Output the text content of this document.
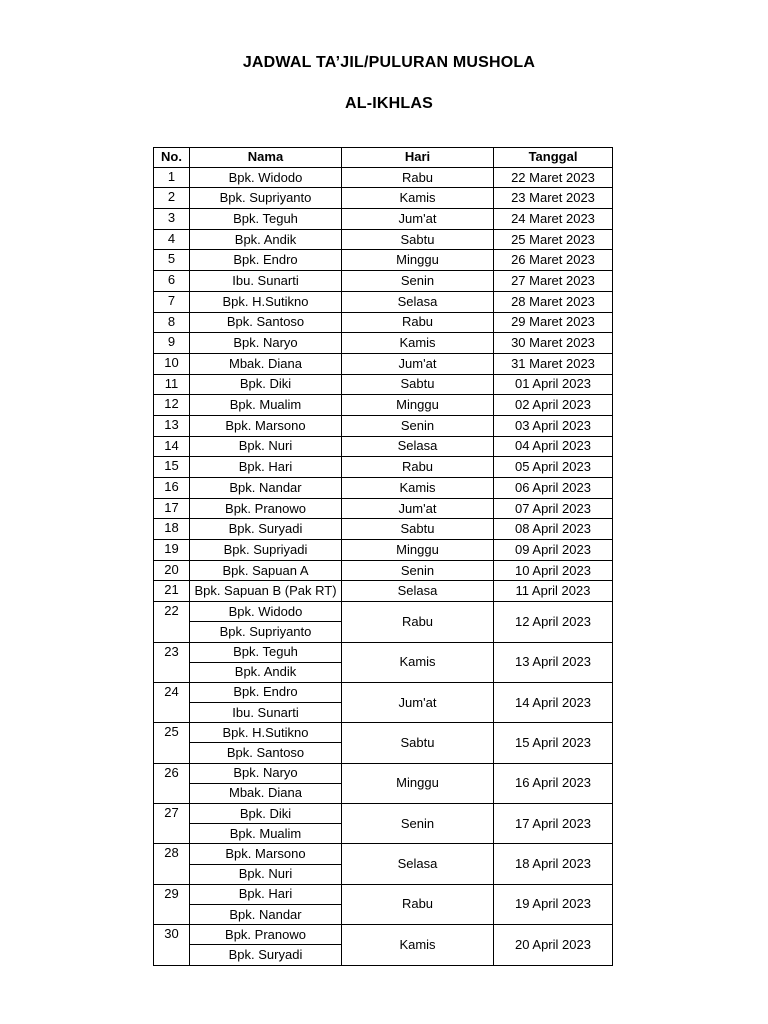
JADWAL TA’JIL/PULURAN MUSHOLA
AL-IKHLAS
No.	Nama	Hari	Tanggal
1	Bpk. Widodo	Rabu	22 Maret 2023
2	Bpk. Supriyanto	Kamis	23 Maret 2023
3	Bpk. Teguh	Jum'at	24 Maret 2023
4	Bpk. Andik	Sabtu	25 Maret 2023
5	Bpk. Endro	Minggu	26 Maret 2023
6	Ibu. Sunarti	Senin	27 Maret 2023
7	Bpk. H.Sutikno	Selasa	28 Maret 2023
8	Bpk. Santoso	Rabu	29 Maret 2023
9	Bpk. Naryo	Kamis	30 Maret 2023
10	Mbak. Diana	Jum'at	31 Maret 2023
11	Bpk. Diki	Sabtu	01 April 2023
12	Bpk. Mualim	Minggu	02 April 2023
13	Bpk. Marsono	Senin	03 April 2023
14	Bpk. Nuri	Selasa	04 April 2023
15	Bpk. Hari	Rabu	05 April 2023
16	Bpk. Nandar	Kamis	06 April 2023
17	Bpk. Pranowo	Jum'at	07 April 2023
18	Bpk. Suryadi	Sabtu	08 April 2023
19	Bpk. Supriyadi	Minggu	09 April 2023
20	Bpk. Sapuan A	Senin	10 April 2023
21	Bpk. Sapuan B (Pak RT)	Selasa	11 April 2023
22	Bpk. Widodo	Rabu	12 April 2023
	Bpk. Supriyanto		
23	Bpk. Teguh	Kamis	13 April 2023
	Bpk. Andik		
24	Bpk. Endro	Jum'at	14 April 2023
	Ibu. Sunarti		
25	Bpk. H.Sutikno	Sabtu	15 April 2023
	Bpk. Santoso		
26	Bpk. Naryo	Minggu	16 April 2023
	Mbak. Diana		
27	Bpk. Diki	Senin	17 April 2023
	Bpk. Mualim		
28	Bpk. Marsono	Selasa	18 April 2023
	Bpk. Nuri		
29	Bpk. Hari	Rabu	19 April 2023
	Bpk. Nandar		
30	Bpk. Pranowo	Kamis	20 April 2023
	Bpk. Suryadi		
